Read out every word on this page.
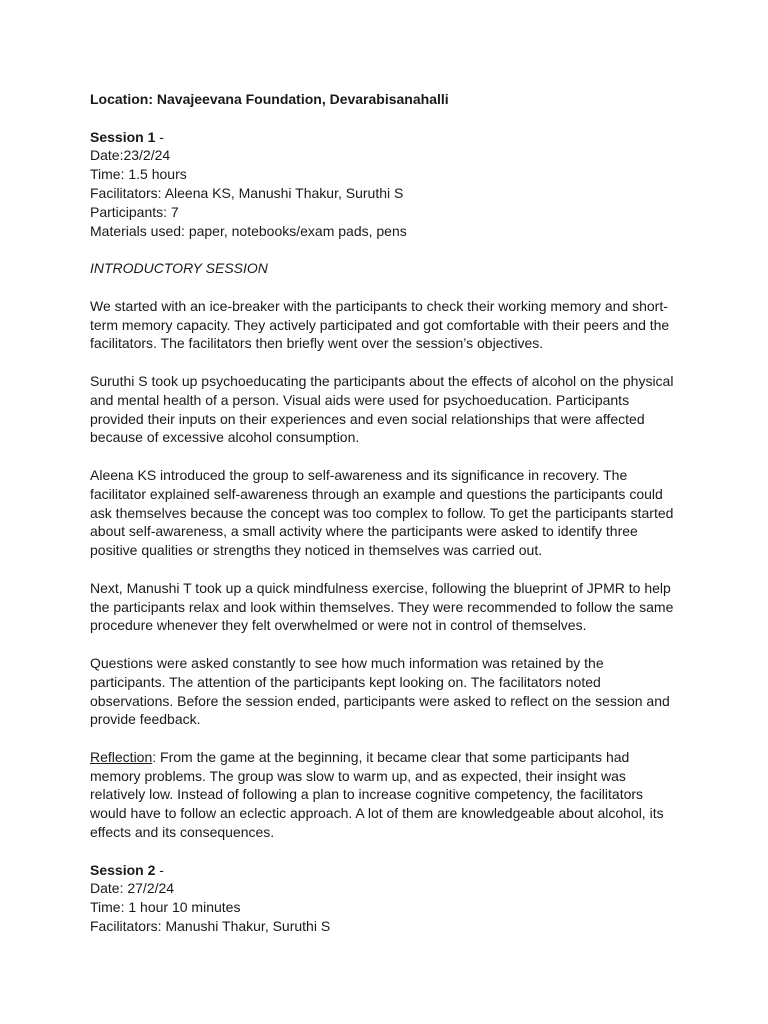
Location: Navajeevana Foundation, Devarabisanahalli
Session 1 -
Date:23/2/24
Time: 1.5 hours
Facilitators: Aleena KS, Manushi Thakur, Suruthi S
Participants: 7
Materials used: paper, notebooks/exam pads, pens
INTRODUCTORY SESSION

We started with an ice-breaker with the participants to check their working memory and short-term memory capacity. They actively participated and got comfortable with their peers and the facilitators. The facilitators then briefly went over the session’s objectives.

Suruthi S took up psychoeducating the participants about the effects of alcohol on the physical and mental health of a person. Visual aids were used for psychoeducation. Participants provided their inputs on their experiences and even social relationships that were affected because of excessive alcohol consumption.

Aleena KS introduced the group to self-awareness and its significance in recovery. The facilitator explained self-awareness through an example and questions the participants could ask themselves because the concept was too complex to follow. To get the participants started about self-awareness, a small activity where the participants were asked to identify three positive qualities or strengths they noticed in themselves was carried out.

Next, Manushi T took up a quick mindfulness exercise, following the blueprint of JPMR to help the participants relax and look within themselves. They were recommended to follow the same procedure whenever they felt overwhelmed or were not in control of themselves.

Questions were asked constantly to see how much information was retained by the participants. The attention of the participants kept looking on. The facilitators noted observations. Before the session ended, participants were asked to reflect on the session and provide feedback.

Reflection: From the game at the beginning, it became clear that some participants had memory problems. The group was slow to warm up, and as expected, their insight was relatively low. Instead of following a plan to increase cognitive competency, the facilitators would have to follow an eclectic approach. A lot of them are knowledgeable about alcohol, its effects and its consequences.

Session 2 -
Date: 27/2/24
Time: 1 hour 10 minutes
Facilitators: Manushi Thakur, Suruthi S
